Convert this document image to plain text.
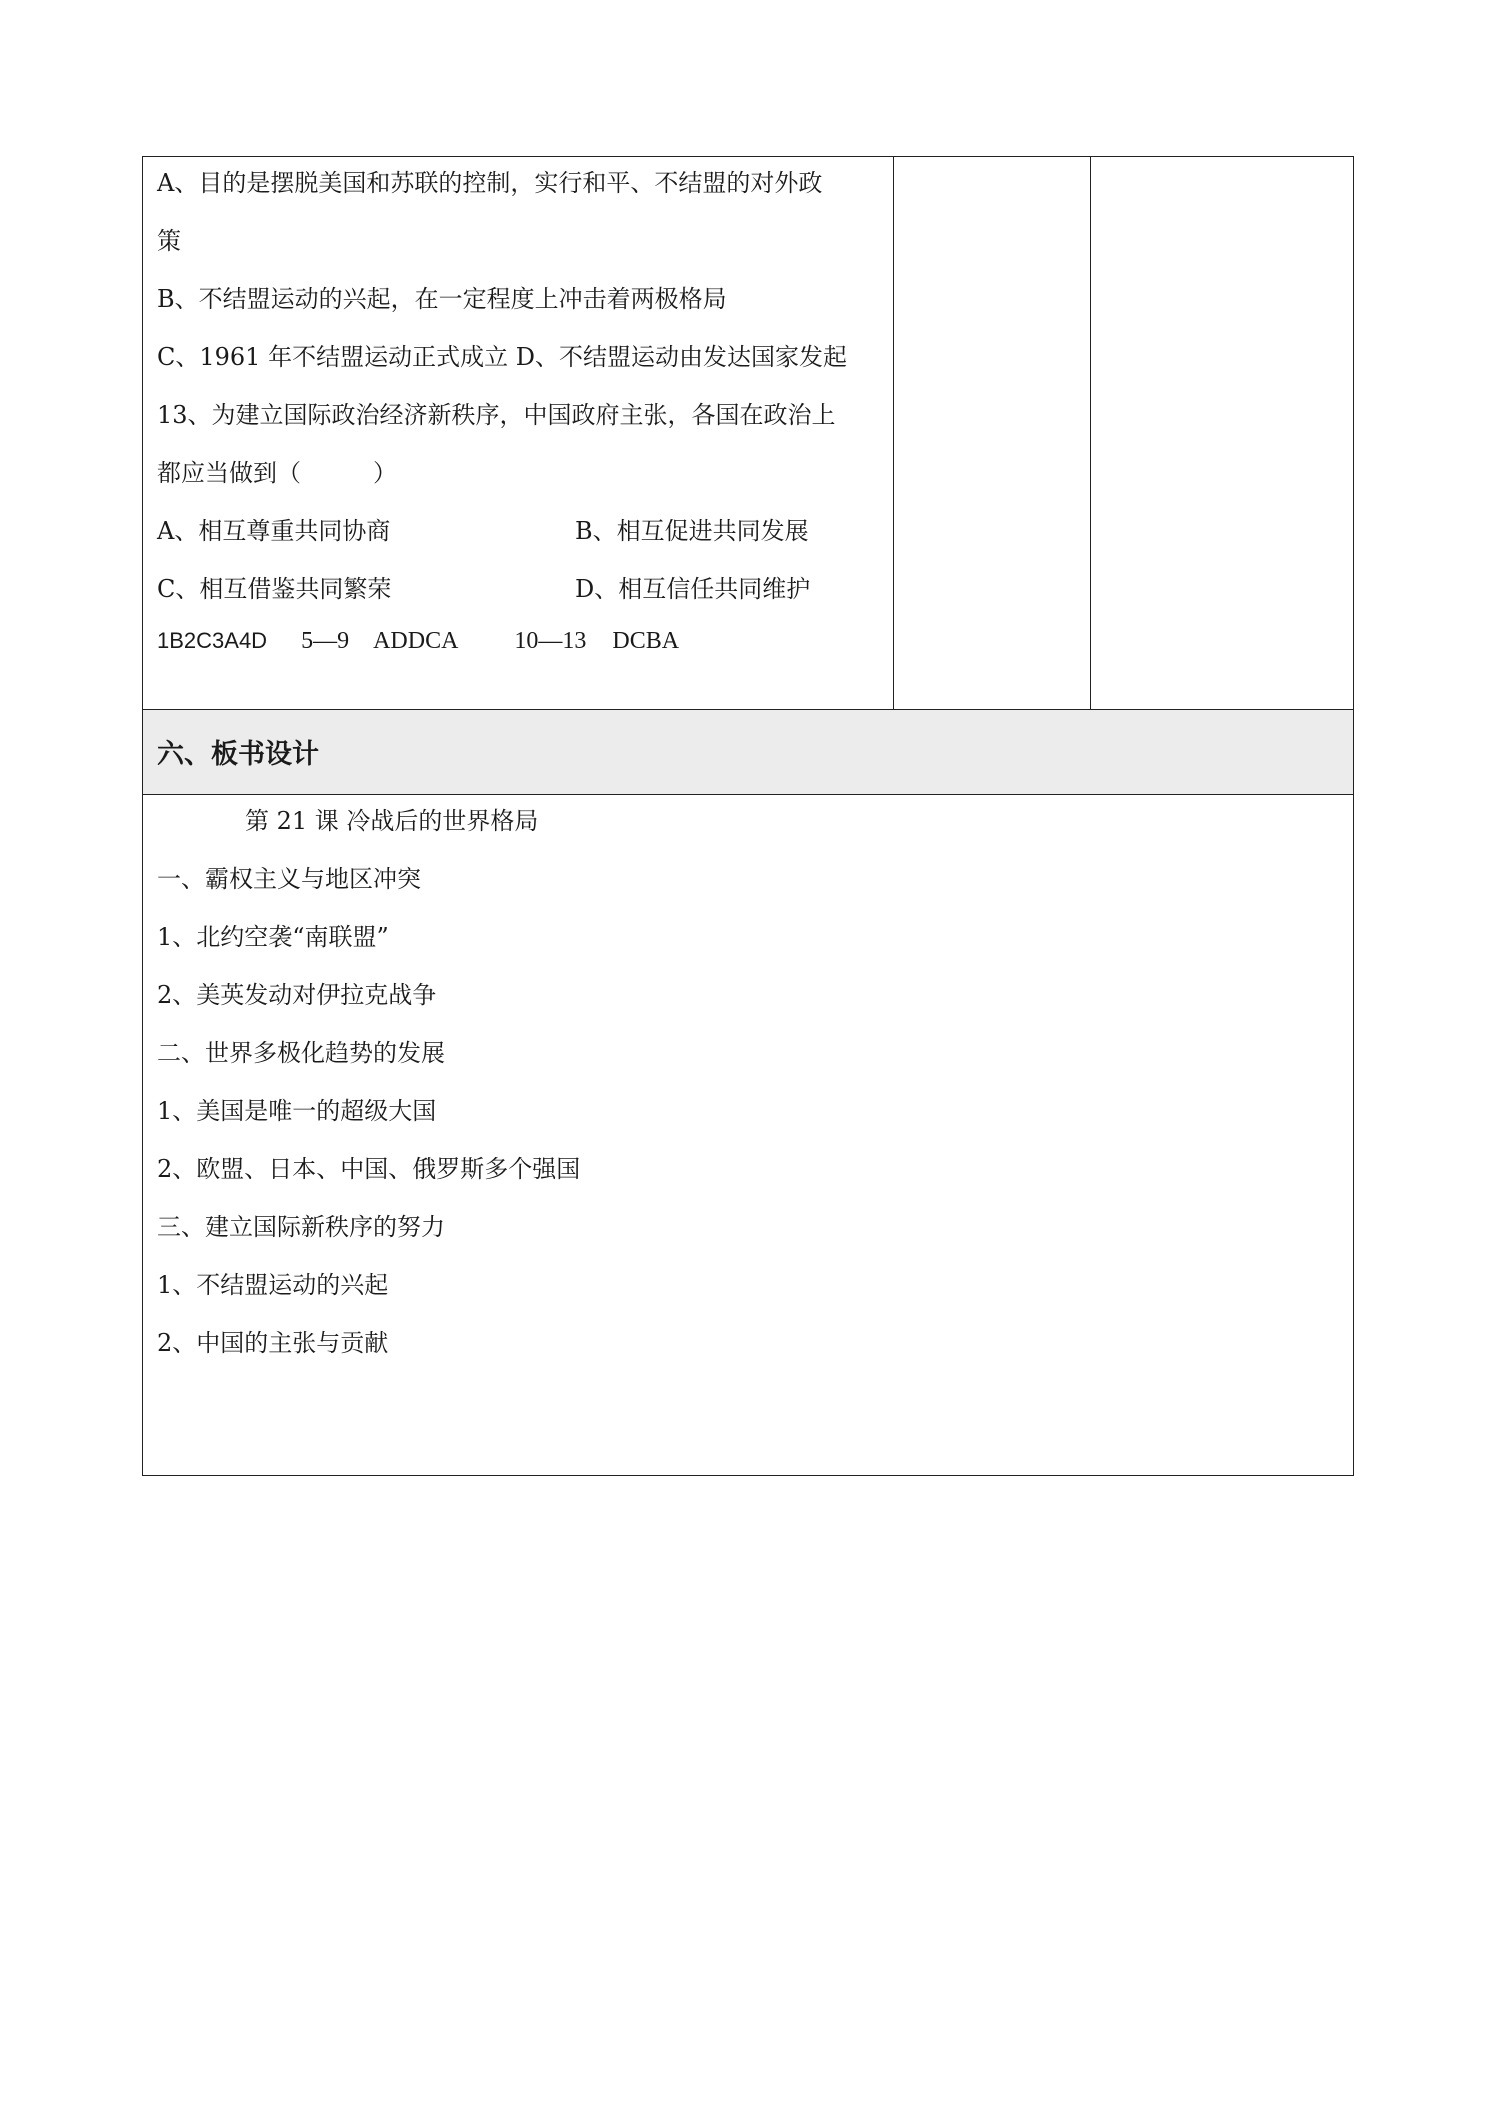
A、目的是摆脱美国和苏联的控制，实行和平、不结盟的对外政
策
B、不结盟运动的兴起，在一定程度上冲击着两极格局
C、1961 年不结盟运动正式成立 D、不结盟运动由发达国家发起
13、为建立国际政治经济新秩序，中国政府主张，各国在政治上
都应当做到（　　　）
A、相互尊重共同协商	B、相互促进共同发展
C、相互借鉴共同繁荣	D、相互信任共同维护
1B2C3A4D 5—9 ADDCA 10—13 DCBA
六、板书设计
第 21 课 冷战后的世界格局
一、霸权主义与地区冲突
1、北约空袭“南联盟”
2、美英发动对伊拉克战争
二、世界多极化趋势的发展
1、美国是唯一的超级大国
2、欧盟、日本、中国、俄罗斯多个强国
三、建立国际新秩序的努力
1、不结盟运动的兴起
2、中国的主张与贡献
